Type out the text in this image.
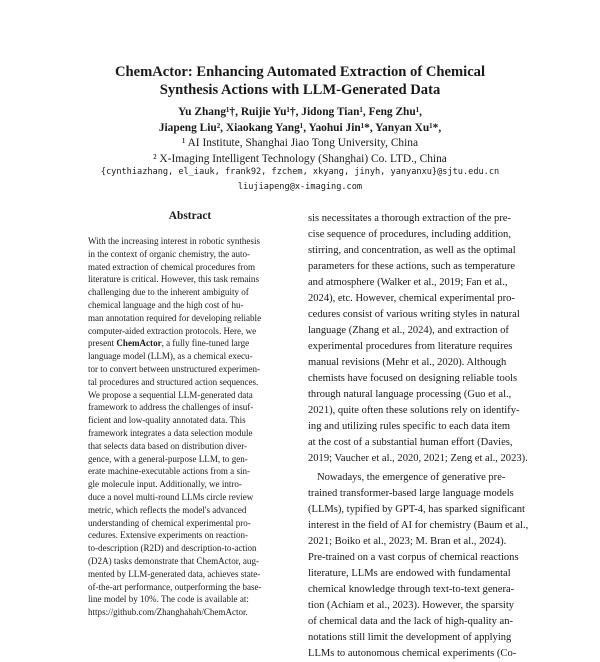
ChemActor: Enhancing Automated Extraction of Chemical
Synthesis Actions with LLM-Generated Data
Yu Zhang¹†, Ruijie Yu¹†, Jidong Tian¹, Feng Zhu¹,
Jiapeng Liu², Xiaokang Yang¹, Yaohui Jin¹*, Yanyan Xu¹*,
¹ AI Institute, Shanghai Jiao Tong University, China
² X-Imaging Intelligent Technology (Shanghai) Co. LTD., China
{cynthiazhang, el_iauk, frank92, fzchem, xkyang, jinyh, yanyanxu}@sjtu.edu.cn
liujiapeng@x-imaging.com
Abstract
With the increasing interest in robotic synthesis
in the context of organic chemistry, the auto-
mated extraction of chemical procedures from
literature is critical. However, this task remains
challenging due to the inherent ambiguity of
chemical language and the high cost of hu-
man annotation required for developing reliable
computer-aided extraction protocols. Here, we
present ChemActor, a fully fine-tuned large
language model (LLM), as a chemical execu-
tor to convert between unstructured experimen-
tal procedures and structured action sequences.
We propose a sequential LLM-generated data
framework to address the challenges of insuf-
ficient and low-quality annotated data. This
framework integrates a data selection module
that selects data based on distribution diver-
gence, with a general-purpose LLM, to gen-
erate machine-executable actions from a sin-
gle molecule input. Additionally, we intro-
duce a novel multi-round LLMs circle review
metric, which reflects the model's advanced
understanding of chemical experimental pro-
cedures. Extensive experiments on reaction-
to-description (R2D) and description-to-action
(D2A) tasks demonstrate that ChemActor, aug-
mented by LLM-generated data, achieves state-
of-the-art performance, outperforming the base-
line model by 10%. The code is available at:
https://github.com/Zhanghahah/ChemActor.
sis necessitates a thorough extraction of the pre-
cise sequence of procedures, including addition,
stirring, and concentration, as well as the optimal
parameters for these actions, such as temperature
and atmosphere (Walker et al., 2019; Fan et al.,
2024), etc. However, chemical experimental pro-
cedures consist of various writing styles in natural
language (Zhang et al., 2024), and extraction of
experimental procedures from literature requires
manual revisions (Mehr et al., 2020). Although
chemists have focused on designing reliable tools
through natural language processing (Guo et al.,
2021), quite often these solutions rely on identify-
ing and utilizing rules specific to each data item
at the cost of a substantial human effort (Davies,
2019; Vaucher et al., 2020, 2021; Zeng et al., 2023).
Nowadays, the emergence of generative pre-
trained transformer-based large language models
(LLMs), typified by GPT-4, has sparked significant
interest in the field of AI for chemistry (Baum et al.,
2021; Boiko et al., 2023; M. Bran et al., 2024).
Pre-trained on a vast corpus of chemical reactions
literature, LLMs are endowed with fundamental
chemical knowledge through text-to-text genera-
tion (Achiam et al., 2023). However, the sparsity
of chemical data and the lack of high-quality an-
notations still limit the development of applying
LLMs to autonomous chemical experiments (Co-
